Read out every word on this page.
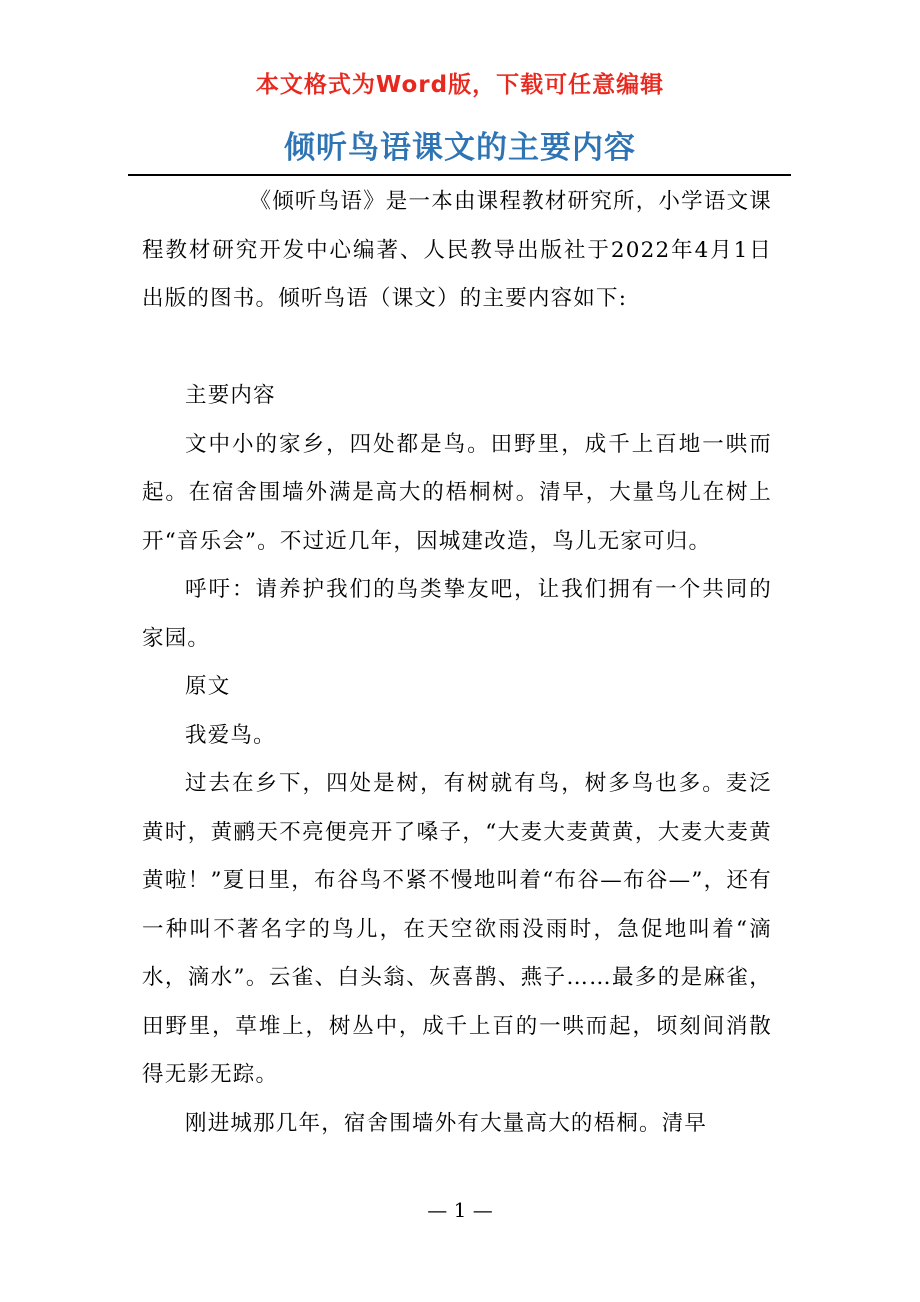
本文格式为Word版，下载可任意编辑
倾听鸟语课文的主要内容

《倾听鸟语》是一本由课程教材研究所，小学语文课程教材研究开发中心编著、人民教导出版社于2022年4月1日出版的图书。倾听鸟语（课文）的主要内容如下:

主要内容

文中小的家乡，四处都是鸟。田野里，成千上百地一哄而起。在宿舍围墙外满是高大的梧桐树。清早，大量鸟儿在树上开“音乐会”。不过近几年，因城建改造，鸟儿无家可归。

呼吁：请养护我们的鸟类挚友吧，让我们拥有一个共同的家园。

原文

我爱鸟。

过去在乡下，四处是树，有树就有鸟，树多鸟也多。麦泛黄时，黄鹂天不亮便亮开了嗓子，“大麦大麦黄黄，大麦大麦黄黄啦！”夏日里，布谷鸟不紧不慢地叫着“布谷—布谷—”，还有一种叫不著名字的鸟儿，在天空欲雨没雨时，急促地叫着“滴水，滴水”。云雀、白头翁、灰喜鹊、燕子……最多的是麻雀，田野里，草堆上，树丛中，成千上百的一哄而起，顷刻间消散得无影无踪。

刚进城那几年，宿舍围墙外有大量高大的梧桐。清早

— 1 —
